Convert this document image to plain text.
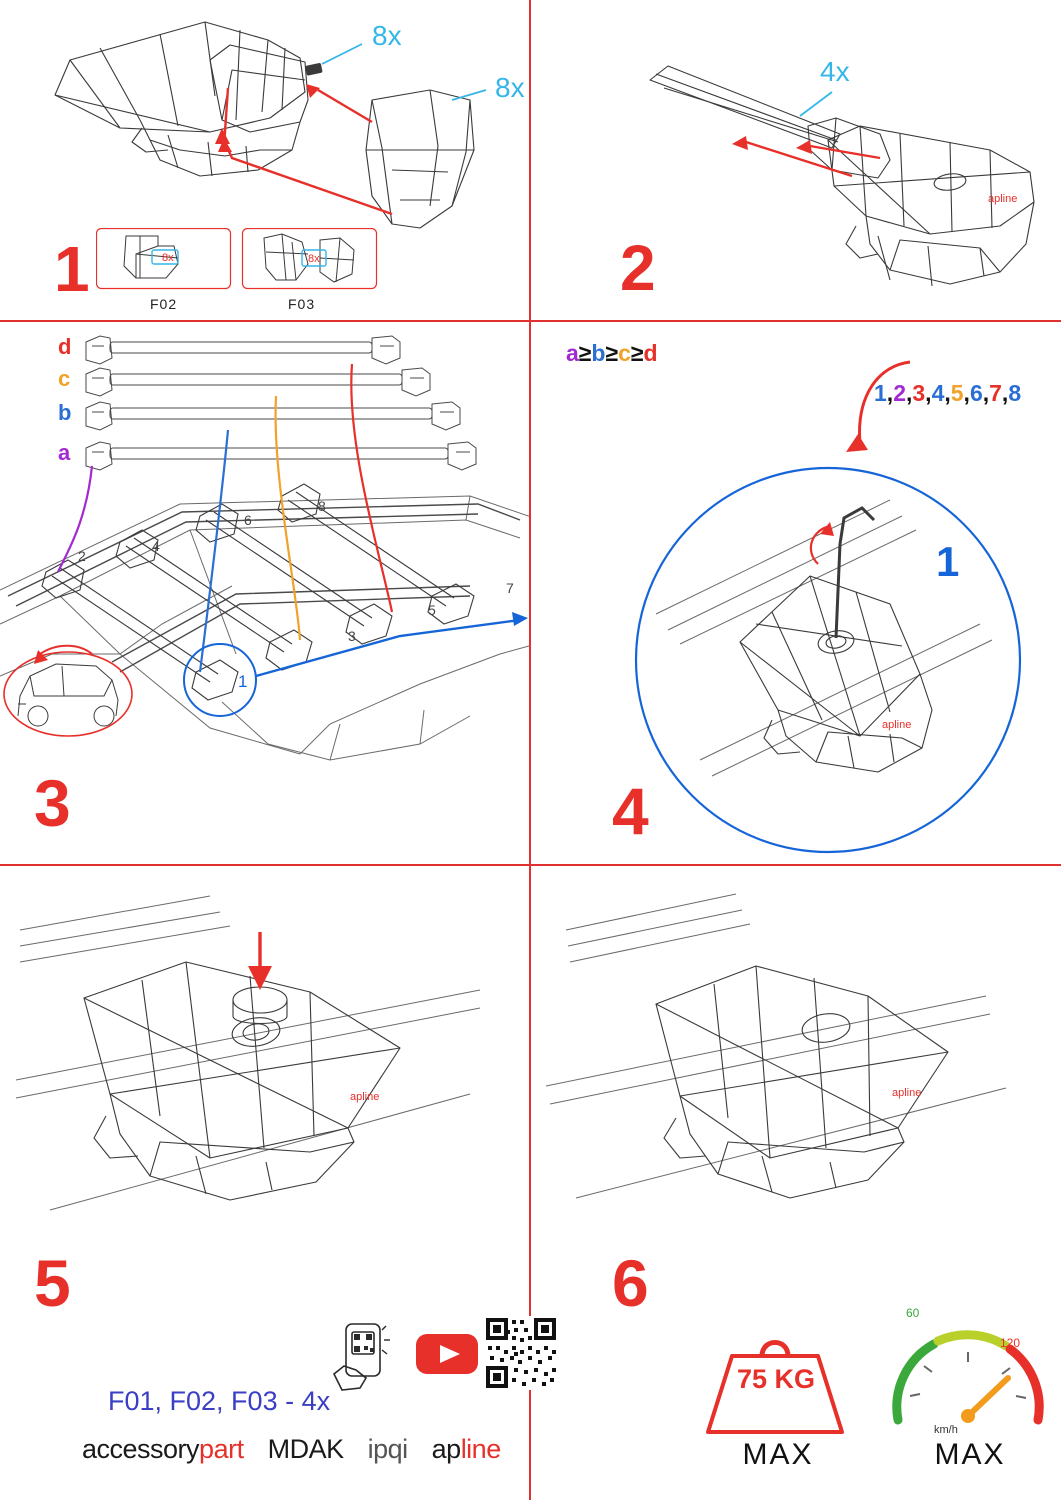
8x
8x
8x	8x
F02	F03
1
apline
4x
2
d
c
b
a
a≥b≥c≥d
2
4
6
8
3
5
7
1
3
apline
1
1,2,3,4,5,6,7,8
4
apline	apline
5	6
F01, F02, F03 - 4x
accessorypart MDAK ipqi apline
75 KG
MAX
60
120
km/h
MAX
